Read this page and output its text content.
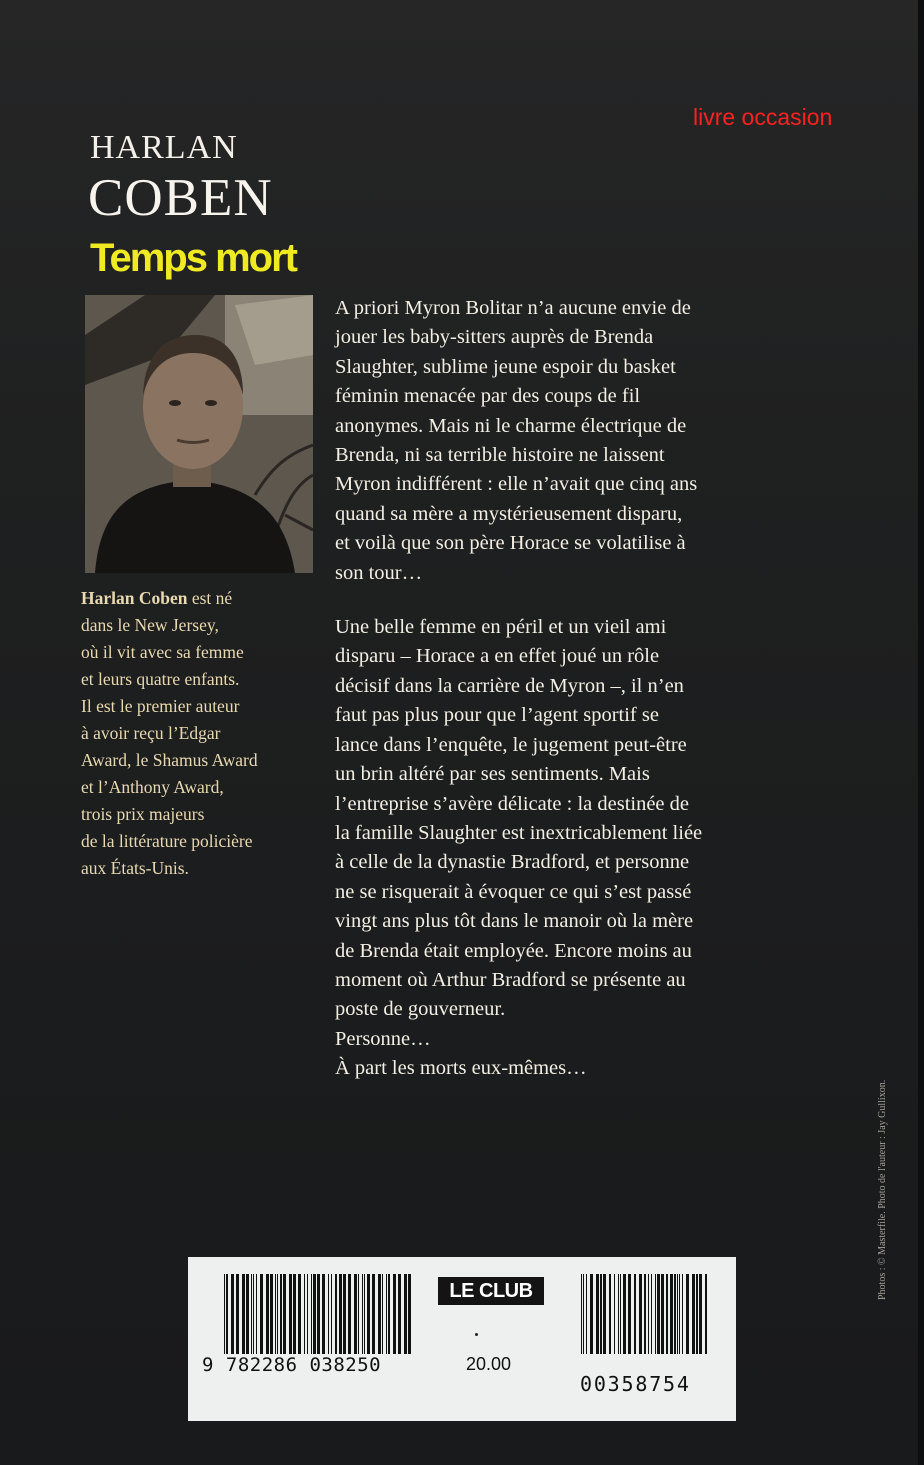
livre occasion
HARLAN
COBEN
Temps mort
Harlan Coben est né
dans le New Jersey,
où il vit avec sa femme
et leurs quatre enfants.
Il est le premier auteur
à avoir reçu l’Edgar
Award, le Shamus Award
et l’Anthony Award,
trois prix majeurs
de la littérature policière
aux États-Unis.

A priori Myron Bolitar n’a aucune envie de
jouer les baby-sitters auprès de Brenda
Slaughter, sublime jeune espoir du basket
féminin menacée par des coups de fil
anonymes. Mais ni le charme électrique de
Brenda, ni sa terrible histoire ne laissent
Myron indifférent : elle n’avait que cinq ans
quand sa mère a mystérieusement disparu,
et voilà que son père Horace se volatilise à
son tour…

Une belle femme en péril et un vieil ami
disparu – Horace a en effet joué un rôle
décisif dans la carrière de Myron –, il n’en
faut pas plus pour que l’agent sportif se
lance dans l’enquête, le jugement peut-être
un brin altéré par ses sentiments. Mais
l’entreprise s’avère délicate : la destinée de
la famille Slaughter est inextricablement liée
à celle de la dynastie Bradford, et personne
ne se risquerait à évoquer ce qui s’est passé
vingt ans plus tôt dans le manoir où la mère
de Brenda était employée. Encore moins au
moment où Arthur Bradford se présente au
poste de gouverneur.
Personne…
À part les morts eux-mêmes…

Photos : © Masterfile. Photo de l'auteur : Jay Gullixon.
9 782286 038250
LE CLUB
20.00
00358754
